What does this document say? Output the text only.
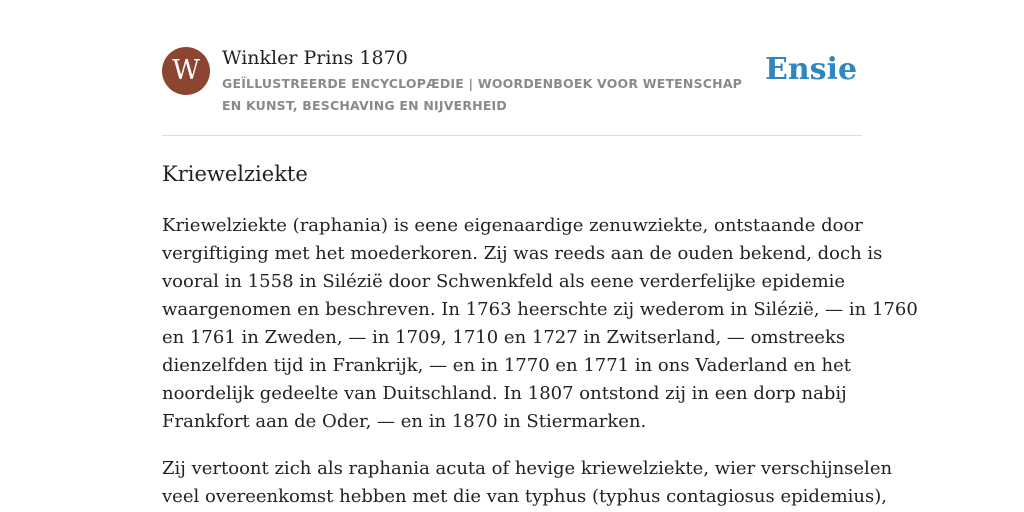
W	Winkler Prins 1870
GEÏLLUSTREERDE ENCYCLOPÆDIE | WOORDENBOEK VOOR WETENSCHAP EN KUNST, BESCHAVING EN NIJVERHEID
Ensie
Kriewelziekte
Kriewelziekte (raphania) is eene eigenaardige zenuwziekte, ontstaande door
vergiftiging met het moederkoren. Zij was reeds aan de ouden bekend, doch is
vooral in 1558 in Silézië door Schwenkfeld als eene verderfelijke epidemie
waargenomen en beschreven. In 1763 heerschte zij wederom in Silézië, — in 1760
en 1761 in Zweden, — in 1709, 1710 en 1727 in Zwitserland, — omstreeks
dienzelfden tijd in Frankrijk, — en in 1770 en 1771 in ons Vaderland en het
noordelijk gedeelte van Duitschland. In 1807 ontstond zij in een dorp nabij
Frankfort aan de Oder, — en in 1870 in Stiermarken.
Zij vertoont zich als raphania acuta of hevige kriewelziekte, wier verschijnselen
veel overeenkomst hebben met die van typhus (typhus contagiosus epidemius),
